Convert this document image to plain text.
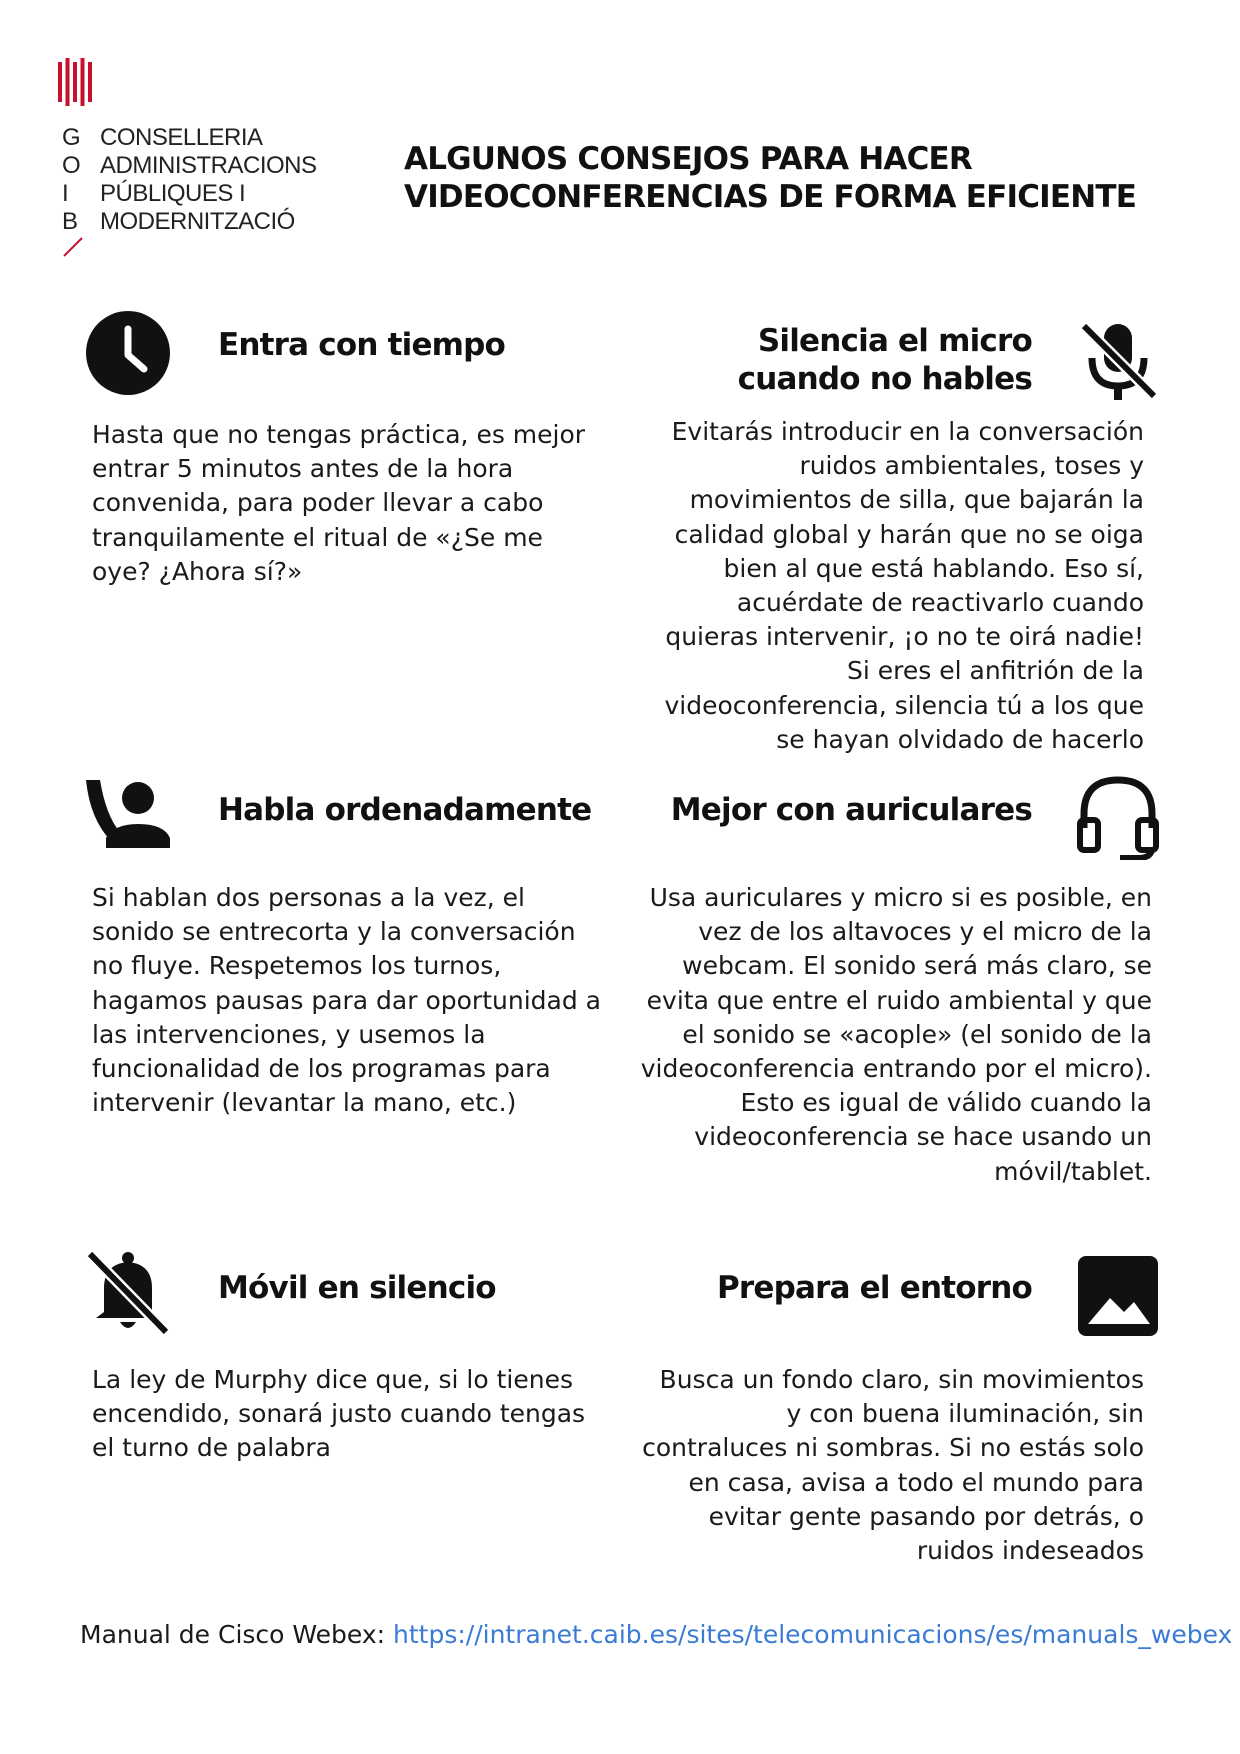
G
O
I
B
CONSELLERIA
ADMINISTRACIONS
PÚBLIQUES I
MODERNITZACIÓ
ALGUNOS CONSEJOS PARA HACER
VIDEOCONFERENCIAS DE FORMA EFICIENTE
Entra con tiempo

Hasta que no tengas práctica, es mejor entrar 5 minutos antes de la hora convenida, para poder llevar a cabo tranquilamente el ritual de «¿Se me oye? ¿Ahora sí?»

Silencia el micro
cuando no hables

Evitarás introducir en la conversación ruidos ambientales, toses y movimientos de silla, que bajarán la calidad global y harán que no se oiga bien al que está hablando. Eso sí, acuérdate de reactivarlo cuando quieras intervenir, ¡o no te oirá nadie! Si eres el anfitrión de la videoconferencia, silencia tú a los que se hayan olvidado de hacerlo

Habla ordenadamente

Si hablan dos personas a la vez, el sonido se entrecorta y la conversación no fluye. Respetemos los turnos, hagamos pausas para dar oportunidad a las intervenciones, y usemos la funcionalidad de los programas para intervenir (levantar la mano, etc.)

Mejor con auriculares

Usa auriculares y micro si es posible, en vez de los altavoces y el micro de la webcam. El sonido será más claro, se evita que entre el ruido ambiental y que el sonido se «acople» (el sonido de la videoconferencia entrando por el micro). Esto es igual de válido cuando la videoconferencia se hace usando un móvil/tablet.

Móvil en silencio

La ley de Murphy dice que, si lo tienes encendido, sonará justo cuando tengas el turno de palabra

Prepara el entorno

Busca un fondo claro, sin movimientos y con buena iluminación, sin contraluces ni sombras. Si no estás solo en casa, avisa a todo el mundo para evitar gente pasando por detrás, o ruidos indeseados

Manual de Cisco Webex: https://intranet.caib.es/sites/telecomunicacions/es/manuals_webex
